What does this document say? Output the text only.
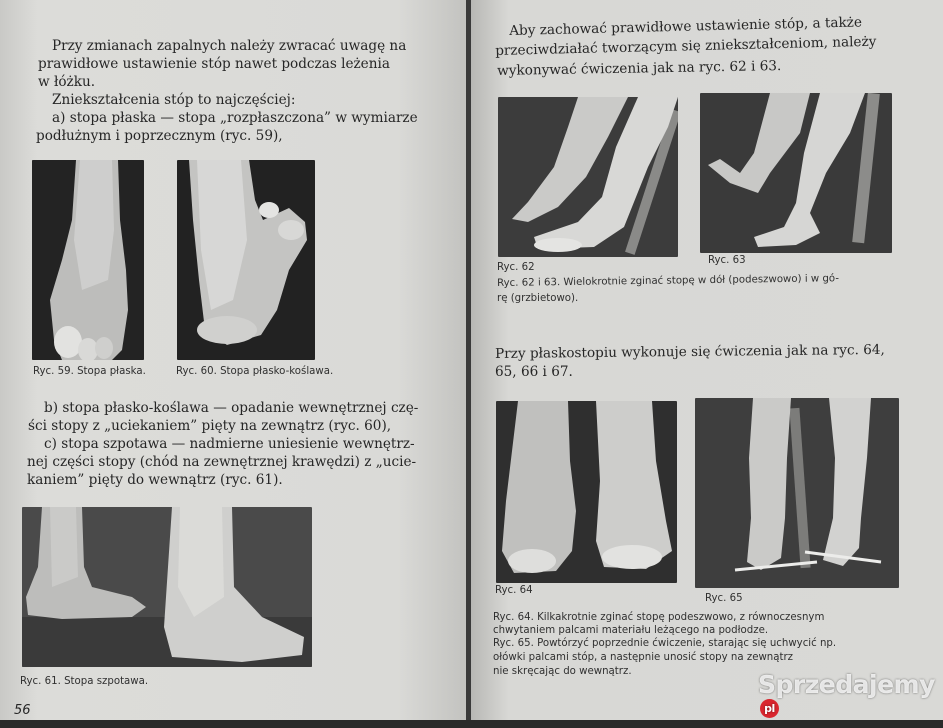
Przy zmianach zapalnych należy zwracać uwagę na

prawidłowe ustawienie stóp nawet podczas leżenia

w łóżku.

Zniekształcenia stóp to najczęściej:

a) stopa płaska — stopa „rozpłaszczona” w wymiarze

podłużnym i poprzecznym (ryc. 59),

Ryc. 59. Stopa płaska.	Ryc. 60. Stopa płasko-koślawa.

b) stopa płasko-koślawa — opadanie wewnętrznej czę-

ści stopy z „uciekaniem” pięty na zewnątrz (ryc. 60),

c) stopa szpotawa — nadmierne uniesienie wewnętrz-

nej części stopy (chód na zewnętrznej krawędzi) z „ucie-

kaniem” pięty do wewnątrz (ryc. 61).

Ryc. 61. Stopa szpotawa.

56

Aby zachować prawidłowe ustawienie stóp, a także

przeciwdziałać tworzącym się zniekształceniom, należy

wykonywać ćwiczenia jak na ryc. 62 i 63.

Ryc. 62

Ryc. 63

Ryc. 62 i 63. Wielokrotnie zginać stopę w dół (podeszwowo) i w gó-

rę (grzbietowo).

Przy płaskostopiu wykonuje się ćwiczenia jak na ryc. 64,

65, 66 i 67.

Ryc. 64

Ryc. 65

Ryc. 64. Kilkakrotnie zginać stopę podeszwowo, z równoczesnym

chwytaniem palcami materiału leżącego na podłodze.

Ryc. 65. Powtórzyć poprzednie ćwiczenie, starając się uchwycić np.

ołówki palcami stóp, a następnie unosić stopy na zewnątrz

nie skręcając do wewnątrz.	Sprzedajemypl
